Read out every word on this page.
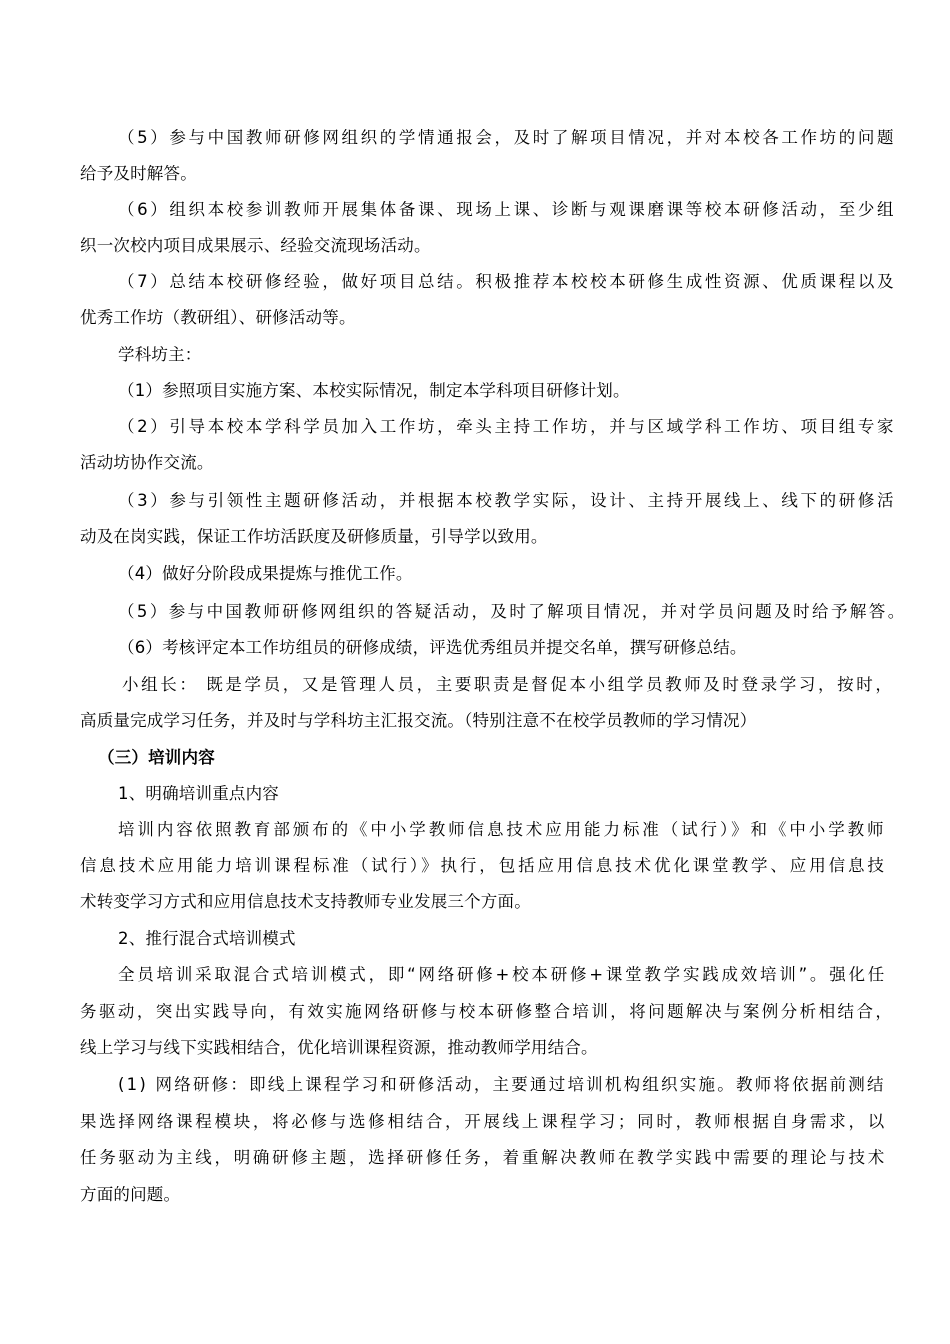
（5）参与中国教师研修网组织的学情通报会，及时了解项目情况，并对本校各工作坊的问题
给予及时解答。
（6）组织本校参训教师开展集体备课、现场上课、诊断与观课磨课等校本研修活动，至少组
织一次校内项目成果展示、经验交流现场活动。
（7）总结本校研修经验，做好项目总结。积极推荐本校校本研修生成性资源、优质课程以及
优秀工作坊（教研组）、研修活动等。
学科坊主：
（1）参照项目实施方案、本校实际情况，制定本学科项目研修计划。
（2）引导本校本学科学员加入工作坊，牵头主持工作坊，并与区域学科工作坊、项目组专家
活动坊协作交流。
（3）参与引领性主题研修活动，并根据本校教学实际，设计、主持开展线上、线下的研修活
动及在岗实践，保证工作坊活跃度及研修质量，引导学以致用。
（4）做好分阶段成果提炼与推优工作。
（5）参与中国教师研修网组织的答疑活动，及时了解项目情况，并对学员问题及时给予解答。
（6）考核评定本工作坊组员的研修成绩，评选优秀组员并提交名单，撰写研修总结。
小组长： 既是学员，又是管理人员，主要职责是督促本小组学员教师及时登录学习，按时，
高质量完成学习任务，并及时与学科坊主汇报交流。（特别注意不在校学员教师的学习情况）
（三）培训内容
1、明确培训重点内容
培训内容依照教育部颁布的《中小学教师信息技术应用能力标准（试行）》和《中小学教师
信息技术应用能力培训课程标准（试行）》执行，包括应用信息技术优化课堂教学、应用信息技
术转变学习方式和应用信息技术支持教师专业发展三个方面。
2、推行混合式培训模式
全员培训采取混合式培训模式，即“网络研修+校本研修+课堂教学实践成效培训”。强化任
务驱动，突出实践导向，有效实施网络研修与校本研修整合培训，将问题解决与案例分析相结合，
线上学习与线下实践相结合，优化培训课程资源，推动教师学用结合。
(1) 网络研修：即线上课程学习和研修活动，主要通过培训机构组织实施。教师将依据前测结
果选择网络课程模块，将必修与选修相结合，开展线上课程学习；同时，教师根据自身需求，以
任务驱动为主线，明确研修主题，选择研修任务，着重解决教师在教学实践中需要的理论与技术
方面的问题。
